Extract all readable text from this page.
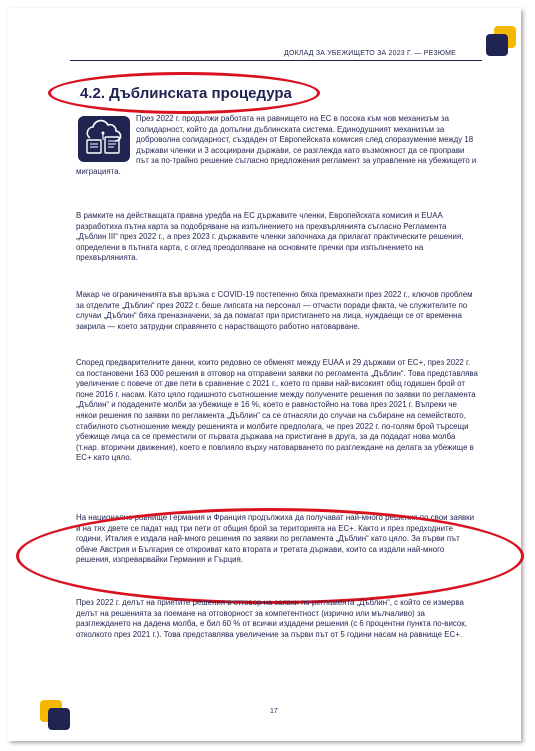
ДОКЛАД ЗА УБЕЖИЩЕТО ЗА 2023 Г. — РЕЗЮМЕ
4.2. Дъблинската процедура

През 2022 г. продължи работата на равнището на ЕС в посока към нов механизъм за солидарност, който да допълни дъблинската система. Единодушният механизъм за доброволна солидарност, създаден от Европейската комисия след споразумение между 18 държави членки и 3 асоциирани държави, се разглежда като възможност да се проправи път за по-трайно решение съгласно предложения регламент за управление на убежището и миграцията.

В рамките на действащата правна уредба на ЕС държавите членки, Европейската комисия и EUAA разработиха пътна карта за подобряване на изпълнението на прехвърлянията съгласно Регламента „Дъблин III“ през 2022 г., а през 2023 г. държавите членки започнаха да прилагат практическите решения, определени в пътната карта, с оглед преодоляване на основните пречки при изпълнението на прехвърлянията.

Макар че ограниченията във връзка с COVID-19 постепенно бяха премахнати през 2022 г., ключов проблем за отделите „Дъблин“ през 2022 г. беше липсата на персонал — отчасти поради факта, че служителите по случаи „Дъблин“ бяха преназначени, за да помагат при пристигането на лица, нуждаещи се от временна закрила — което затрудни справянето с нарастващото работно натоварване.

Според предварителните данни, които редовно се обменят между EUAA и 29 държави от ЕС+, през 2022 г. са постановени 163 000 решения в отговор на отправени заявки по регламента „Дъблин“. Това представлява увеличение с повече от две пети в сравнение с 2021 г., което го прави най-високият общ годишен брой от поне 2016 г. насам. Като цяло годишното съотношение между получените решения по заявки по регламента „Дъблин“ и подадените молби за убежище е 16 %, което е равностойно на това през 2021 г. Въпреки че някои решения по заявки по регламента „Дъблин“ са се отнасяли до случаи на събиране на семейството, стабилното съотношение между решенията и молбите предполага, че през 2022 г. по-голям брой търсещи убежище лица са се преместили от първата държава на пристигане в друга, за да подадат нова молба (т.нар. вторични движения), което е повлияло върху натоварването по разглеждане на делата за убежище в ЕС+ като цяло.

На национално равнище Германия и Франция продължиха да получават най-много решения по свои заявки и на тях двете се падат над три пети от общия брой за територията на ЕС+. Както и през предходните години, Италия е издала най-много решения по заявки по регламента „Дъблин“ като цяло. За първи път обаче Австрия и България се откроиват като втората и третата държави, които са издали най-много решения, изпреварвайки Германия и Гърция.

През 2022 г. делът на приетите решения в отговор на заявки по регламента „Дъблин“, с който се измерва делът на решенията за поемане на отговорност за компетентност (изрично или мълчаливо) за разглеждането на дадена молба, е бил 60 % от всички издадени решения (с 6 процентни пункта по-висок, отколкото през 2021 г.). Това представлява увеличение за първи път от 5 години насам на равнище ЕС+.

17
